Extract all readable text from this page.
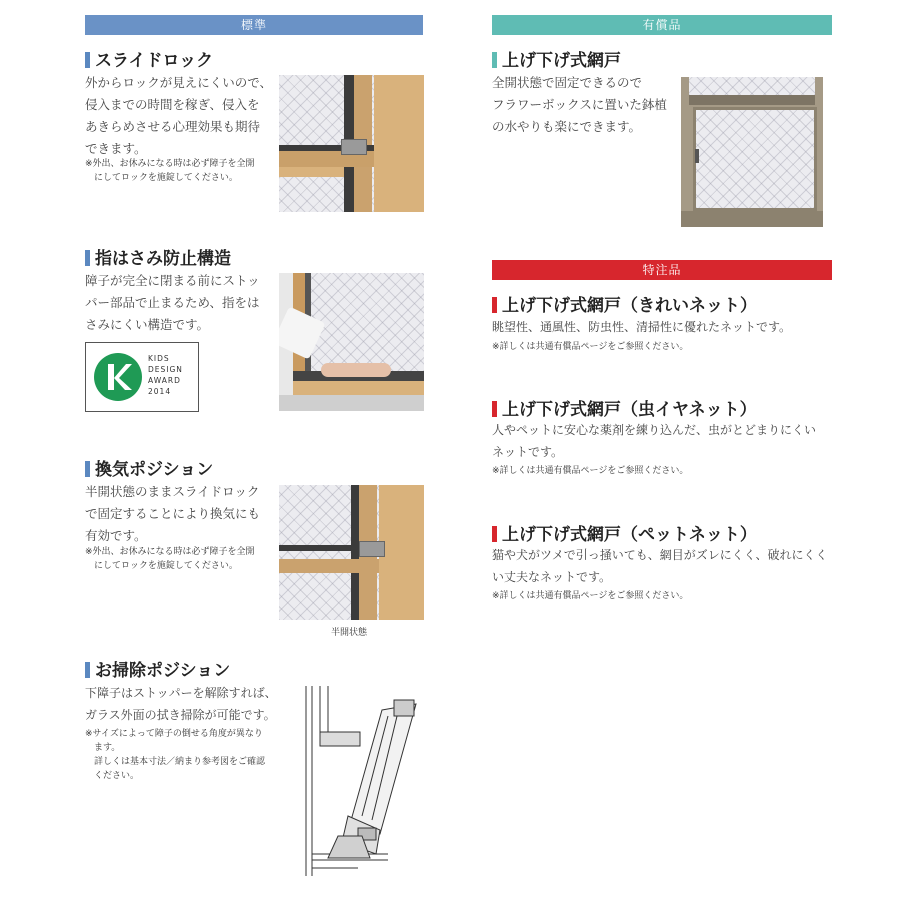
標準
スライドロック
外からロックが見えにくいので、
侵入までの時間を稼ぎ、侵入を
あきらめさせる心理効果も期待
できます。
※外出、お休みになる時は必ず障子を全開
　にしてロックを施錠してください。
指はさみ防止構造
障子が完全に閉まる前にストッ
パー部品で止まるため、指をは
さみにくい構造です。
KIDS
DESIGN
AWARD
2014
換気ポジション
半開状態のままスライドロック
で固定することにより換気にも
有効です。
※外出、お休みになる時は必ず障子を全開
　にしてロックを施錠してください。
半開状態
お掃除ポジション
下障子はストッパーを解除すれば、
ガラス外面の拭き掃除が可能です。
※サイズによって障子の倒せる角度が異なり
　ます。
　詳しくは基本寸法／納まり参考図をご確認
　ください。
有償品
上げ下げ式網戸
全開状態で固定できるので
フラワーボックスに置いた鉢植
の水やりも楽にできます。
特注品
上げ下げ式網戸（きれいネット）
眺望性、通風性、防虫性、清掃性に優れたネットです。
※詳しくは共通有償品ページをご参照ください。
上げ下げ式網戸（虫イヤネット）
人やペットに安心な薬剤を練り込んだ、虫がとどまりにくい
ネットです。
※詳しくは共通有償品ページをご参照ください。
上げ下げ式網戸（ペットネット）
猫や犬がツメで引っ掻いても、網目がズレにくく、破れにくく
い丈夫なネットです。
※詳しくは共通有償品ページをご参照ください。
